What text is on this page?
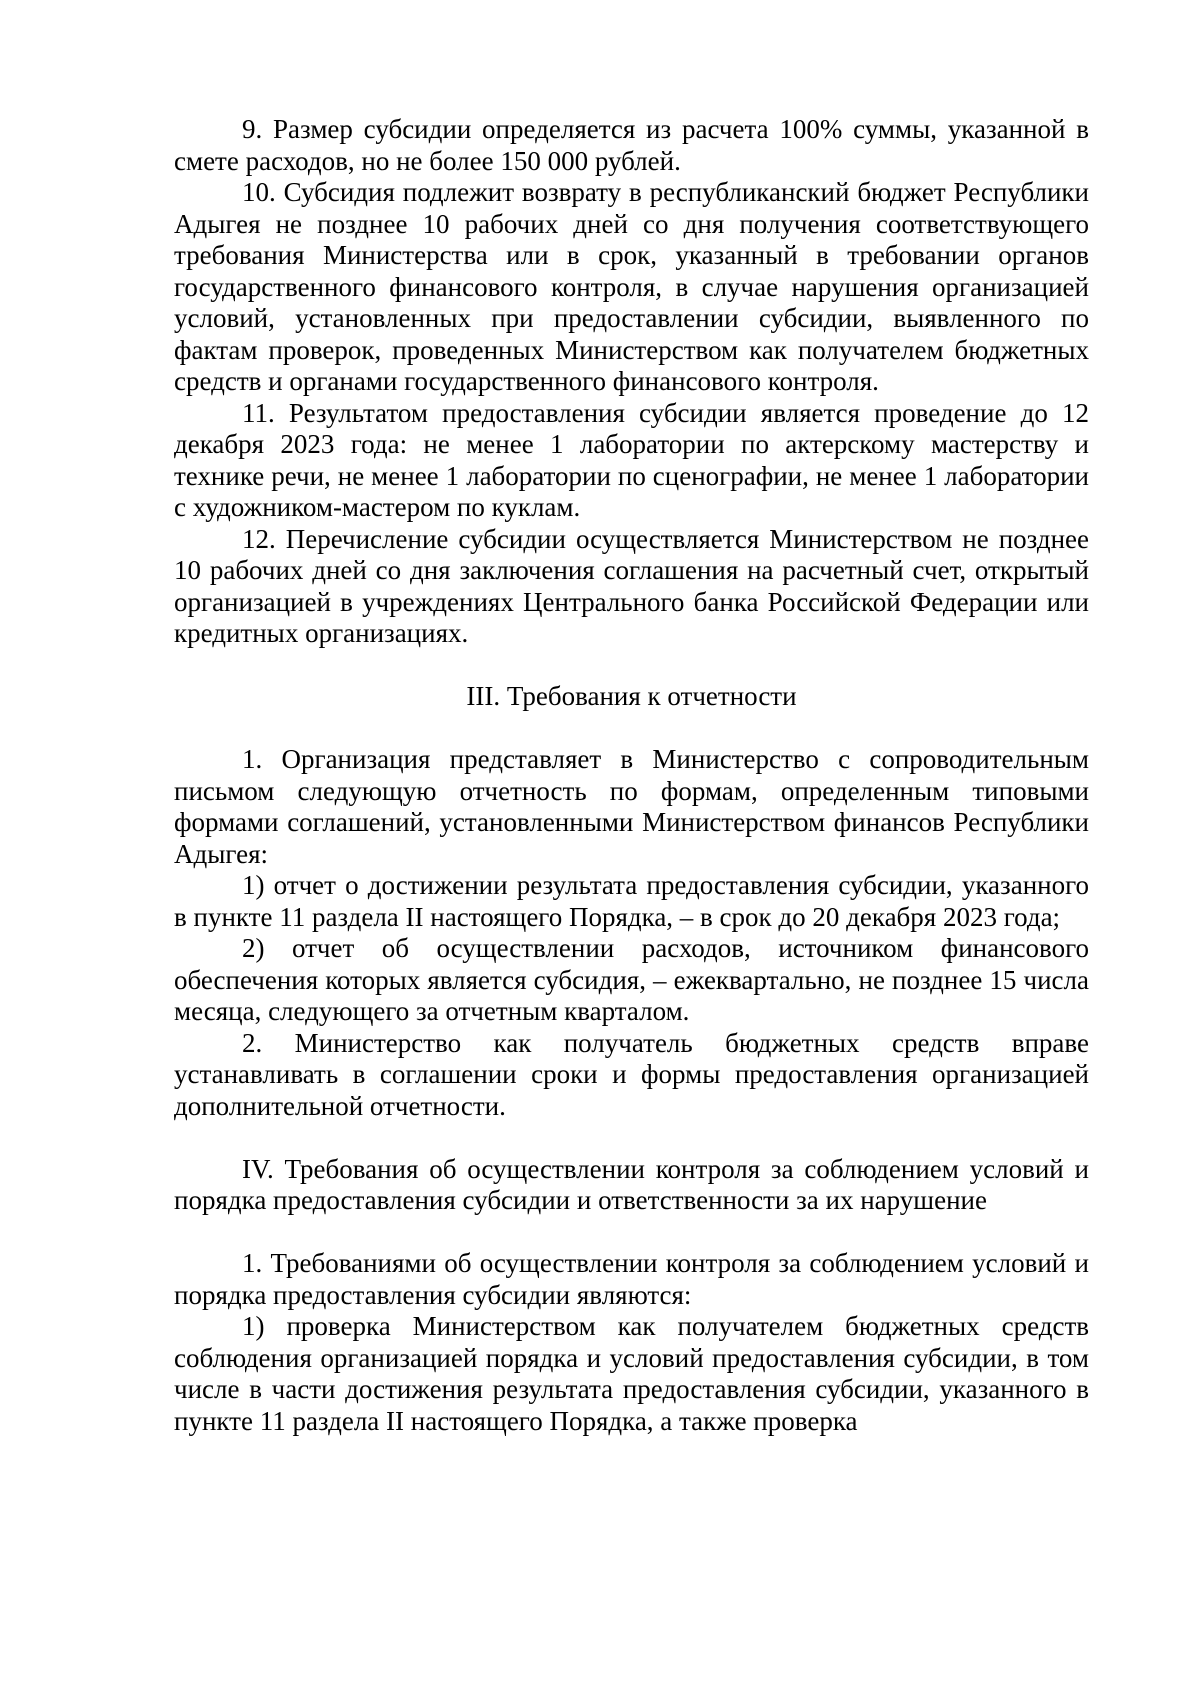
9. Размер субсидии определяется из расчета 100% суммы, указанной в смете расходов, но не более 150 000 рублей.

10. Субсидия подлежит возврату в республиканский бюджет Республики Адыгея не позднее 10 рабочих дней со дня получения соответствующего требования Министерства или в срок, указанный в требовании органов государственного финансового контроля, в случае нарушения организацией условий, установленных при предоставлении субсидии, выявленного по фактам проверок, проведенных Министерством как получателем бюджетных средств и органами государственного финансового контроля.

11. Результатом предоставления субсидии является проведение до 12 декабря 2023 года: не менее 1 лаборатории по актерскому мастерству и технике речи, не менее 1 лаборатории по сценографии, не менее 1 лаборатории с художником-мастером по куклам.

12. Перечисление субсидии осуществляется Министерством не позднее 10 рабочих дней со дня заключения соглашения на расчетный счет, открытый организацией в учреждениях Центрального банка Российской Федерации или кредитных организациях.

III. Требования к отчетности

1. Организация представляет в Министерство с сопроводительным письмом следующую отчетность по формам, определенным типовыми формами соглашений, установленными Министерством финансов Республики Адыгея:

1) отчет о достижении результата предоставления субсидии, указанного в пункте 11 раздела II настоящего Порядка, – в срок до 20 декабря 2023 года;

2) отчет об осуществлении расходов, источником финансового обеспечения которых является субсидия, – ежеквартально, не позднее 15 числа месяца, следующего за отчетным кварталом.

2. Министерство как получатель бюджетных средств вправе устанавливать в соглашении сроки и формы предоставления организацией дополнительной отчетности.

IV. Требования об осуществлении контроля за соблюдением условий и порядка предоставления субсидии и ответственности за их нарушение

1. Требованиями об осуществлении контроля за соблюдением условий и порядка предоставления субсидии являются:

1) проверка Министерством как получателем бюджетных средств соблюдения организацией порядка и условий предоставления субсидии, в том числе в части достижения результата предоставления субсидии, указанного в пункте 11 раздела II настоящего Порядка, а также проверка
